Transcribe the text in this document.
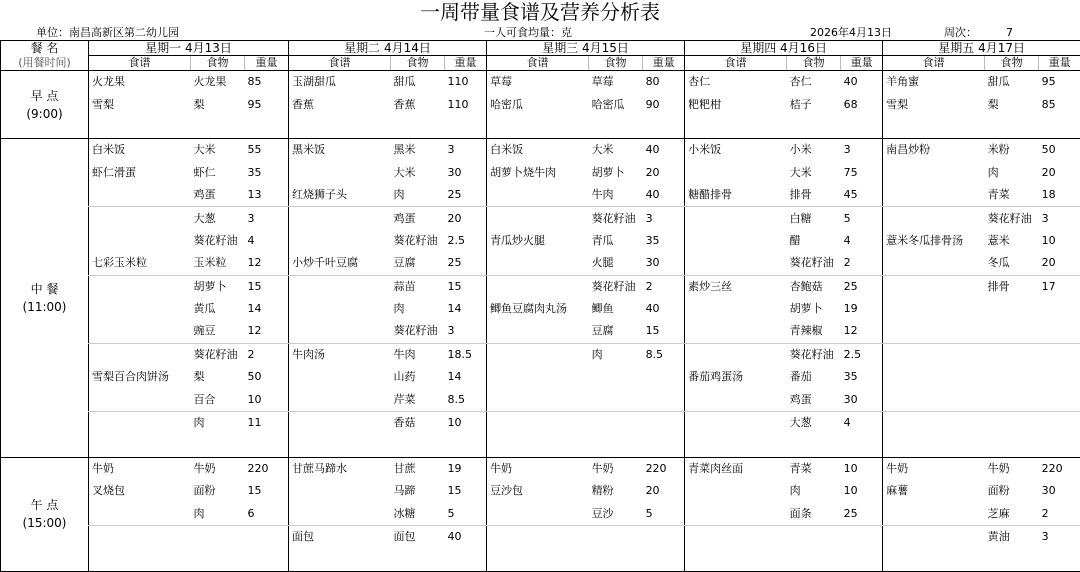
一周带量食谱及营养分析表
单位：南昌高新区第二幼儿园	一人可食均量：克	2026年4月13日	周次：	7
餐 名	星期一 4月13日			星期二 4月14日			星期三 4月15日			星期四 4月16日			星期五 4月17日		
(用餐时间)	食谱	食物	重量	食谱	食物	重量	食谱	食物	重量	食谱	食物	重量	食谱	食物	重量

早 点
(9:00)	火龙果	火龙果	85	玉湖甜瓜	甜瓜	110	草莓	草莓	80	杏仁	杏仁	40	羊角蜜	甜瓜	95
	雪梨	梨	95	香蕉	香蕉	110	哈密瓜	哈密瓜	90	粑粑柑	桔子	68	雪梨	梨	85

中 餐
(11:00)	白米饭	大米	55	黑米饭	黑米	3	白米饭	大米	40	小米饭	小米	3	南昌炒粉	米粉	50
	虾仁滑蛋	虾仁	35		大米	30	胡萝卜烧牛肉	胡萝卜	20		大米	75		肉	20
		鸡蛋	13	红烧狮子头	肉	25		牛肉	40	糖醋排骨	排骨	45		青菜	18
		大葱	3		鸡蛋	20		葵花籽油	3		白糖	5		葵花籽油	3
		葵花籽油	4		葵花籽油	2.5	青瓜炒火腿	青瓜	35		醋	4	薏米冬瓜排骨汤	薏米	10
	七彩玉米粒	玉米粒	12	小炒千叶豆腐	豆腐	25		火腿	30		葵花籽油	2		冬瓜	20
		胡萝卜	15		蒜苗	15		葵花籽油	2	素炒三丝	杏鲍菇	25		排骨	17
		黄瓜	14		肉	14	鲫鱼豆腐肉丸汤	鲫鱼	40		胡萝卜	19			
		豌豆	12		葵花籽油	3		豆腐	15		青辣椒	12			
		葵花籽油	2	牛肉汤	牛肉	18.5		肉	8.5		葵花籽油	2.5			
	雪梨百合肉饼汤	梨	50		山药	14				番茄鸡蛋汤	番茄	35			
		百合	10		芹菜	8.5					鸡蛋	30			
		肉	11		香菇	10					大葱	4			

午 点
(15:00)	牛奶	牛奶	220	甘蔗马蹄水	甘蔗	19	牛奶	牛奶	220	青菜肉丝面	青菜	10	牛奶	牛奶	220
	叉烧包	面粉	15		马蹄	15	豆沙包	精粉	20		肉	10	麻薯	面粉	30
		肉	6		冰糖	5		豆沙	5		面条	25		芝麻	2
				面包	面包	40								黄油	3
